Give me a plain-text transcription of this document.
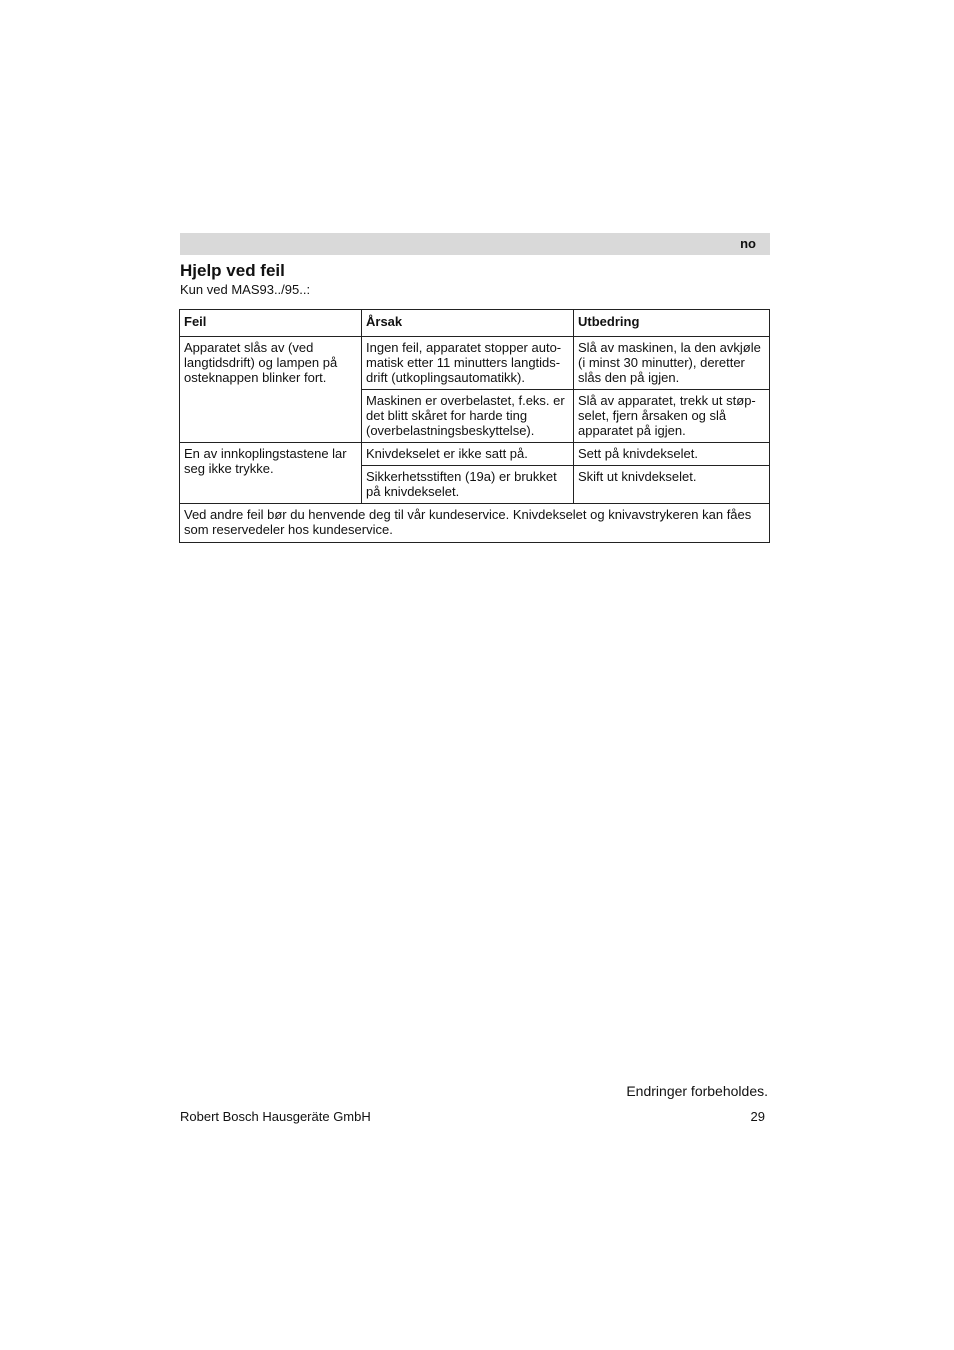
no
Hjelp ved feil
Kun ved MAS93../95..:
Feil	Årsak	Utbedring
Apparatet slås av (ved langtidsdrift) og lampen på osteknappen blinker fort.	Ingen feil, apparatet stopper auto-matisk etter 11 minutters langtids-drift (utkoplingsautomatikk).	Slå av maskinen, la den avkjøle (i minst 30 minutter), deretter slås den på igjen.
	Maskinen er overbelastet, f.eks. er det blitt skåret for harde ting (overbelastningsbeskyttelse).	Slå av apparatet, trekk ut støp-selet, fjern årsaken og slå apparatet på igjen.
En av innkoplingstastene lar seg ikke trykke.	Knivdekselet er ikke satt på.	Sett på knivdekselet.
	Sikkerhetsstiften (19a) er brukket på knivdekselet.	Skift ut knivdekselet.
Ved andre feil bør du henvende deg til vår kundeservice. Knivdekselet og knivavstrykeren kan fåes som reservedeler hos kundeservice.		
Endringer forbeholdes.
Robert Bosch Hausgeräte GmbH	29
